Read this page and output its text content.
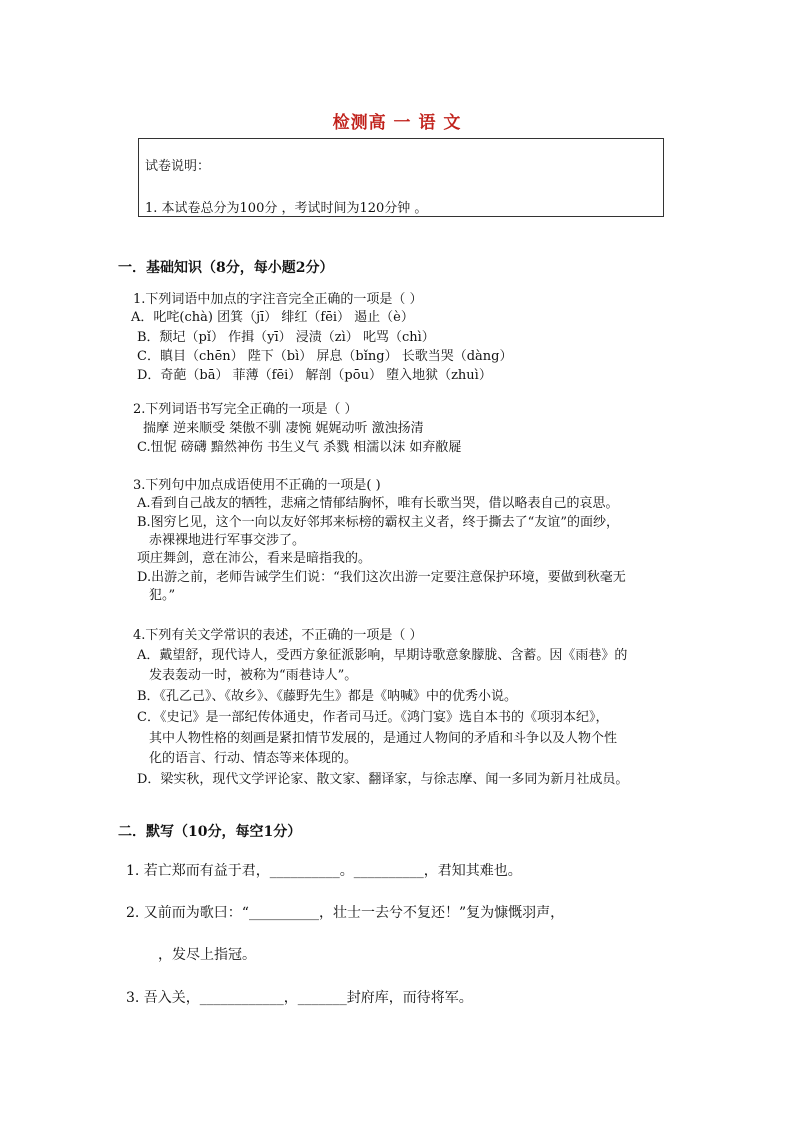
检测高 一 语 文
试卷说明：
1. 本试卷总分为100分 ，考试时间为120分钟 。
一．基础知识（8分，每小题2分）
1.下列词语中加点的字注音完全正确的一项是（ ）
A．叱咤(chà) 团箕（jī） 绯红（fēi） 遏止（è）
B．颓圮（pǐ） 作揖（yī） 浸渍（zì） 叱骂（chì）
C．瞋目（chēn） 陛下（bì） 屏息（bǐng） 长歌当哭（dàng）
D．奇葩（bā） 菲薄（fēi） 解剖（pōu） 堕入地狱（zhuì）
2.下列词语书写完全正确的一项是（ ）
揣摩 逆来顺受 桀傲不驯 凄惋 娓娓动听 激浊扬清
C.忸怩 磅礴 黯然神伤 书生义气 杀戮 相濡以沫 如弃敝屣
3.下列句中加点成语使用不正确的一项是( )
A.看到自己战友的牺牲，悲痛之情郁结胸怀，唯有长歌当哭，借以略表自己的哀思。
B.图穷匕见，这个一向以友好邻邦来标榜的霸权主义者，终于撕去了“友谊”的面纱，
赤裸裸地进行军事交涉了。
项庄舞剑，意在沛公，看来是暗指我的。
D.出游之前，老师告诫学生们说：“我们这次出游一定要注意保护环境，要做到秋毫无
犯。”
4.下列有关文学常识的表述，不正确的一项是（ ）
A．戴望舒，现代诗人，受西方象征派影响，早期诗歌意象朦胧、含蓄。因《雨巷》的
发表轰动一时，被称为“雨巷诗人”。
B．《孔乙己》、《故乡》、《藤野先生》都是《呐喊》中的优秀小说。
C．《史记》是一部纪传体通史，作者司马迁。《鸿门宴》选自本书的《项羽本纪》，
其中人物性格的刻画是紧扣情节发展的，是通过人物间的矛盾和斗争以及人物个性
化的语言、行动、情态等来体现的。
D．梁实秋，现代文学评论家、散文家、翻译家，与徐志摩、闻一多同为新月社成员。
二．默写（10分，每空1分）
1. 若亡郑而有益于君，__________。__________，君知其难也。
2. 又前而为歌曰：“__________，壮士一去兮不复还！”复为慷慨羽声，
，发尽上指冠。
3. 吾入关，____________，_______封府库，而待将军。
